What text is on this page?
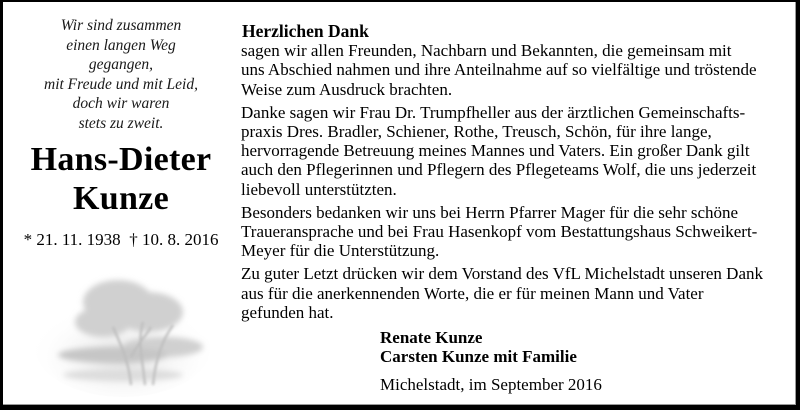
Wir sind zusammen
einen langen Weg
gegangen,
mit Freude und mit Leid,
doch wir waren
stets zu zweit.
Hans-Dieter
Kunze
* 21. 11. 1938 † 10. 8. 2016
Herzlichen Dank
sagen wir allen Freunden, Nachbarn und Bekannten, die gemeinsam mit
uns Abschied nahmen und ihre Anteilnahme auf so vielfältige und tröstende
Weise zum Ausdruck brachten.
Danke sagen wir Frau Dr. Trumpfheller aus der ärztlichen Gemeinschafts-
praxis Dres. Bradler, Schiener, Rothe, Treusch, Schön, für ihre lange,
hervorragende Betreuung meines Mannes und Vaters. Ein großer Dank gilt
auch den Pflegerinnen und Pflegern des Pflegeteams Wolf, die uns jederzeit
liebevoll unterstützten.
Besonders bedanken wir uns bei Herrn Pfarrer Mager für die sehr schöne
Traueransprache und bei Frau Hasenkopf vom Bestattungshaus Schweikert-
Meyer für die Unterstützung.
Zu guter Letzt drücken wir dem Vorstand des VfL Michelstadt unseren Dank
aus für die anerkennenden Worte, die er für meinen Mann und Vater
gefunden hat.
Renate Kunze
Carsten Kunze mit Familie
Michelstadt, im September 2016
